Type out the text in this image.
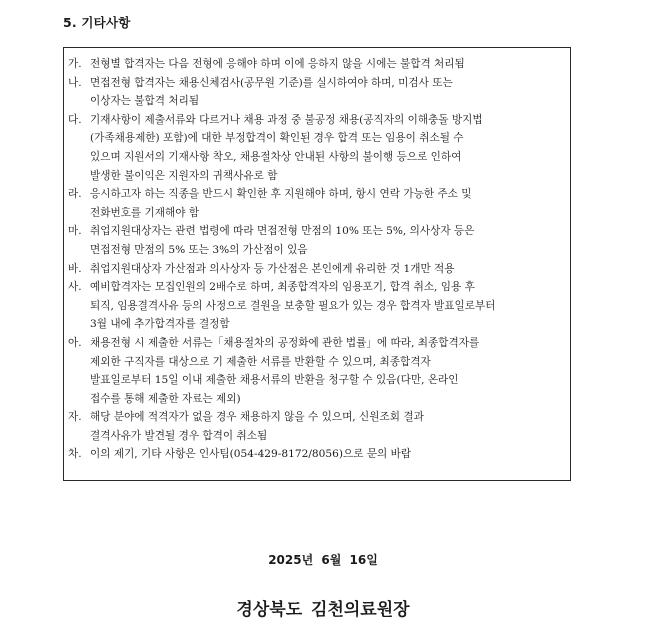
5. 기타사항
가. 전형별 합격자는 다음 전형에 응해야 하며 이에 응하지 않을 시에는 불합격 처리됨
나. 면접전형 합격자는 채용신체검사(공무원 기준)를 실시하여야 하며, 미검사 또는
이상자는 불합격 처리됨
다. 기재사항이 제출서류와 다르거나 채용 과정 중 불공정 채용(공직자의 이해충돌 방지법
(가족채용제한) 포함)에 대한 부정합격이 확인된 경우 합격 또는 임용이 취소될 수
있으며 지원서의 기재사항 착오, 채용절차상 안내된 사항의 불이행 등으로 인하여
발생한 불이익은 지원자의 귀책사유로 함
라. 응시하고자 하는 직종을 반드시 확인한 후 지원해야 하며, 항시 연락 가능한 주소 및
전화번호를 기재해야 함
마. 취업지원대상자는 관련 법령에 따라 면접전형 만점의 10% 또는 5%, 의사상자 등은
면접전형 만점의 5% 또는 3%의 가산점이 있음
바. 취업지원대상자 가산점과 의사상자 등 가산점은 본인에게 유리한 것 1개만 적용
사. 예비합격자는 모집인원의 2배수로 하며, 최종합격자의 임용포기, 합격 취소, 임용 후
퇴직, 임용결격사유 등의 사정으로 결원을 보충할 필요가 있는 경우 합격자 발표일로부터
3월 내에 추가합격자를 결정함
아. 채용전형 시 제출한 서류는「채용절차의 공정화에 관한 법률」에 따라, 최종합격자를
제외한 구직자를 대상으로 기 제출한 서류를 반환할 수 있으며, 최종합격자
발표일로부터 15일 이내 제출한 채용서류의 반환을 청구할 수 있음(다만, 온라인
접수를 통해 제출한 자료는 제외)
자. 해당 분야에 적격자가 없을 경우 채용하지 않을 수 있으며, 신원조회 결과
결격사유가 발견될 경우 합격이 취소됨
차. 이의 제기, 기타 사항은 인사팀(054-429-8172/8056)으로 문의 바람
2025년 6월 16일
경상북도 김천의료원장
